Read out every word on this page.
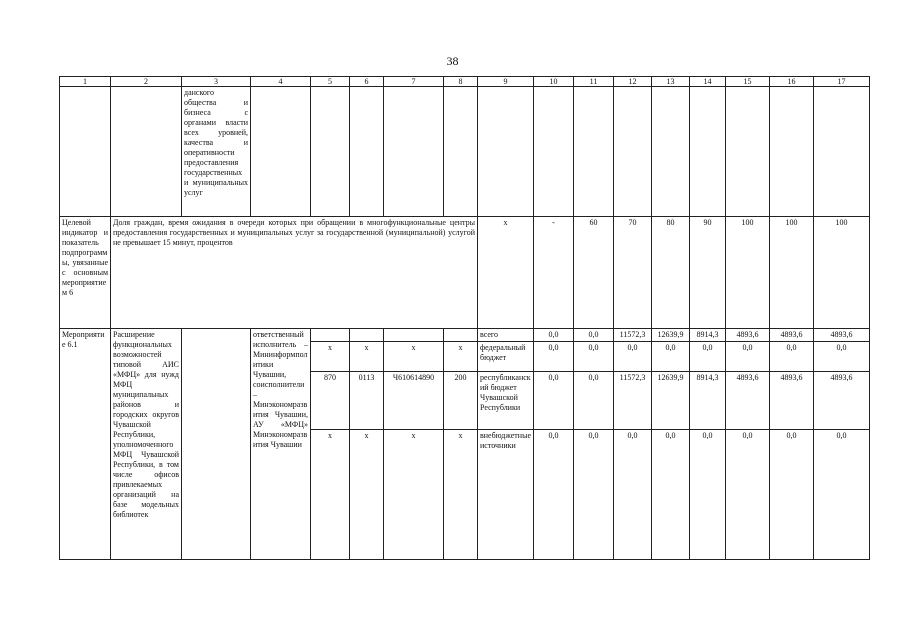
38
1	2	3	4	5	6	7	8	9	10	11	12	13	14	15	16	17
		данского общества и бизнеса с органами власти всех уровней, качества и оперативности предоставления государственных и муниципальных услуг														
Целевой индикатор и показатель подпрограммы, увязанные с основным мероприятием 6	Доля граждан, время ожидания в очереди которых при обращении в многофункциональные центры предоставления государственных и муниципальных услуг за государственной (муниципальной) услугой не превышает 15 минут, процентов							x	-	60	70	80	90	100	100	100
Мероприятие 6.1	Расширение функциональных возможностей типовой АИС «МФЦ» для нужд МФЦ муниципальных районов и городских округов Чувашской Республики, уполномоченного МФЦ Чувашской Республики, в том числе офисов привлекаемых организаций на базе модельных библиотек		ответственный исполнитель – Мининформполитики Чувашии, соисполнители – Минэкономразвития Чувашии, АУ «МФЦ» Минэкономразвития Чувашии					всего	0,0	0,0	11572,3	12639,9	8914,3	4893,6	4893,6	4893,6
				x	x	x	x	федеральный бюджет	0,0	0,0	0,0	0,0	0,0	0,0	0,0	0,0
				870	0113	Ч610614890	200	республиканский бюджет Чувашской Республики	0,0	0,0	11572,3	12639,9	8914,3	4893,6	4893,6	4893,6
				x	x	x	x	внебюджетные источники	0,0	0,0	0,0	0,0	0,0	0,0	0,0	0,0
